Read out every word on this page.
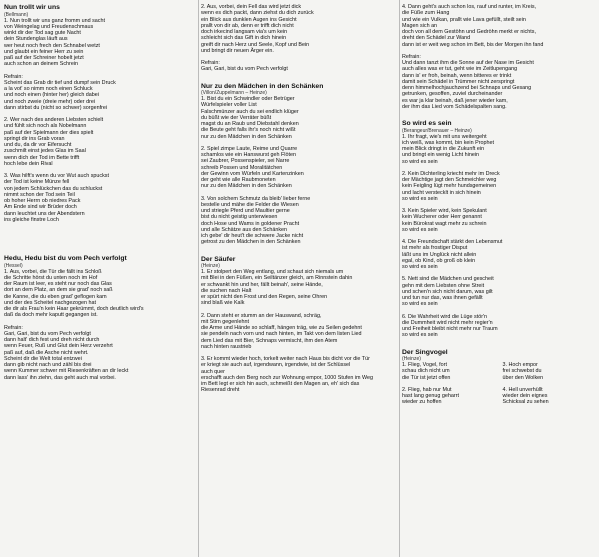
Nun trollt wir uns
(Bellmann)

1. Nun trollt wir uns ganz fromm und sacht
von Weingelag und Freudenschmaus
winkt dir der Tod sag gute Nacht
dein Stundenglas läuft aus
wer heut noch frech den Schnabel wetzt
und glaubt ein feiner Herr zu sein
paß auf der Schreiner hobelt jetzt
auch schon an deinem Schrein

Refrain:
Scheint das Grab dir tief und dumpf sein Druck
a la vot' so nimm noch einen Schluck
und noch einen (hinter her) gleich dabei
und noch zweie (dreie mehr) oder drei
dann stirbst du (nicht so schwer) sorgenfrei

2. Wer nach des anderen Liebsten schielt
und fühlt sich noch als Nobelmann
paß auf der Spielmann der dies spielt
springt dir ins Grab voran
und du, da dir vor Eifersucht
zuschmilt einst jedes Glas im Saal
wenn dich der Tod im Bette trifft
hoch lebe dein Rival

3. Was hilft's wenn du vor Wut auch spuckst
der Tod ist keine Münze fell
von jedem Schlückchen das du schluckst
nimmt schon der Tod sein Teil
ob hoher Herrn ob niedres Pack
Am Ende sind wir Brüder doch
dann leuchtet uns der Abendstern
ins gleiche finstre Loch

Hedu, Hedu bist du vom Pech verfolgt
(Hessel)

1. Aus, vorbei, die Tür die fällt ins Schloß
die Schritte hörst du unten noch im Hof
der Raum ist leer, es steht nur noch das Glas
dort an dem Platz, an dem sie grad' noch saß
die Kanne, die du eben grad' geflogen kam
und der des Scheitel nachgezogen hat
die dir als Frau'n kein Haar gekrümmt, doch deutlich wird's
daß da doch mehr kaputt gegangen ist.

Refrain:
Gari, Gari, bist du vom Pech verfolgt
dann halt' dich fest und dreh nicht durch
wenn Feuer, Ruß und Glut dein Herz verzehrt
paß auf, daß die Asche nicht wehrt.
Scheint dir die Welt total entzwei
dann gib nicht nach und zähl bis drei
wenn Kummer schwer mit Riesenkräften an dir leckt
dann lass' ihn ziehn, das geht auch mal vorbei.

2. Aus, vorbei, dein Fell das wird jetzt dick
wenn es dich packt, dann ziehst du dich zurück
ein Blick aus dunklen Augen ins Gesicht
prallt von dir ab, denn er trifft dich nicht
doch irkecind langsam via's um kein
schleicht sich das Gift in dich hinein
greift dir nach Herz und Seele, Kopf und Bein
und bringt dir neuen Ärger ein.

Refrain:
Gari, Gari, bist du vom Pech verfolgt

Nur zu den Mädchen in den Schänken
(Villon/Zuppelmann – Heinze)

1. Bist du ein Schwindler oder Betrüger
Würfelspieler voller List
Falschmünzer auch du sei endlich klüger
du büßt wie der Verräter büßt
magst du an Raub und Diebstahl denken
die Beute geht falls ihr's noch nicht wißt
nur zu den Mädchen in den Schänken

2. Spiel zimpe Laute, Reime und Quarre
schamlos wie ein Hanswurst geh Flöten
sei Zaubrer, Possenspieler, sei Narre
schreib Possen und Moralitätchen
der Gewinn vom Würfeln und Kartenzinken
der geht wie alle Raubmoneten
nur zu den Mädchen in den Schänken

3. Von solchem Schmutz da bleib' lieber ferne
bestelle und mähe die Felder die Wiesen
und striegle Pferd und Maultier gerne
bist du nicht geistig unterwiesen
doch Hose und Wams in goldener Pracht
und alle Schätze aus den Schänken
ich gebe' dir heut't die schwere Jacke nicht
getrost zu den Mädchen in den Schänken

Der Säufer
(Heinze)

1. Er stolpert den Weg entlang, und schaut sich niemals um
mit Blei in den Füßen, ein Seiltänzer gleich, am Rinnstein dahin
er schwankt hin und her, fällt beinah', seine Hände,
die suchen nach Halt
er spürt nicht den Frost und den Regen, seine Ohren
sind blaß wie Kalk

2. Dann steht er stumm an der Hauswand, schräg,
mit Stirn gegenlehnt
die Arme und Hände so schlaff, hängen träg, wie zu Seilen gedehnt
sie pendeln nach vorn und nach hinten, im Takt von dem listen Lied
dem Lied das mit Bier, Schnaps vermischt, ihm den Atem
nach hinten raustrieb

3. Er kommt wieder hoch, torkelt weiter nach Haus bis dicht vor die Tür
er kriegt sie auch auf, irgendwann, irgendwie, ist der Schlüssel
auch quer
erschafft auch den Berg noch zur Wohnung empor, 1000 Stufen im Weg
im Bett legt er sich hin auch, schmeißt den Magen an, eh' sich das
Riesenrad dreht

4. Dann geht's auch schon los, rauf und runter, im Kreis,
die Füße zum Hang
und wie ein Vulkan, prallt wie Lava gefüllt, steilt sein
Magen sich an
doch von all dem Gestöhn und Gedröhn merkt er nichts,
dreht den Schädel zur Wand
dann ist er weit weg schon im Bett, bis der Morgen ihn fand

Refrain:
Und dann tanzt ihm die Sonne auf der Nase im Gesicht
auch alles was er tut, geht wie im Zeitlupengang
dann is' er froh, beinah, wenn bitteres er trinkt
damit sein Schädel in Trümmer nicht zerspringt
denn himmelhochjauchzend bei Schnaps und Gesang
getrunken, gesoffen, zuviel durcheinander
es war ja klar beinah, daß jener wieder kam,
der ihm das Lied vom Schädelspalten sang.

So wird es sein
(Berangeur/Brenauer – Heinze)

1. Ihr fragt, wie's mit uns weitergeht
ich weiß, was kommt, bin kein Prophet
mein Blick dringt in die Zukunft ein
und bringt ein wenig Licht hinein
so wird es sein

2. Kein Dichterling kriecht mehr im Dreck
der Mächtige jagt den Schmeichler weg
kein Feigling lügt mehr hundsgemeinen
und lacht verstecklt in sich hinein
so wird es sein

3. Kein Spieler wird, kein Spekulant
kein Wucherer oder Herr genannt
kein Bürokrat wagt mehr zu schrein
so wird es sein

4. Die Freundschaft stärkt den Lebensmut
ist mehr als frostiger Disput
läßt uns im Unglück nicht allein
egal, ob Kind, ob groß ob klein
so wird es sein

5. Nett sind die Mädchen und gescheit
gehn mit dem Liebsten ohne Streit
und schen'n sich nicht darum, was gilt
und tun nur das, was ihnen gefällt
so wird es sein

6. Die Wahrheit wird die Lüge stör'n
die Dummheit wird nicht mehr regier'n
und Freiheit bleibt nicht mehr nur Traum
so wird es sein

Der Singvogel
(Heinze)

1. Flieg, Vogel, fort
schau dich nicht um
die Tür ist jetzt offen

3. Hoch empor
frei schwebst du
über den Wolken

2. Flieg, hab nur Mut
hast lang genug geharrt
wieder zu hoffen

4. Hell unverhüllt
wieder dein eignes
Schicksal zu sehen
